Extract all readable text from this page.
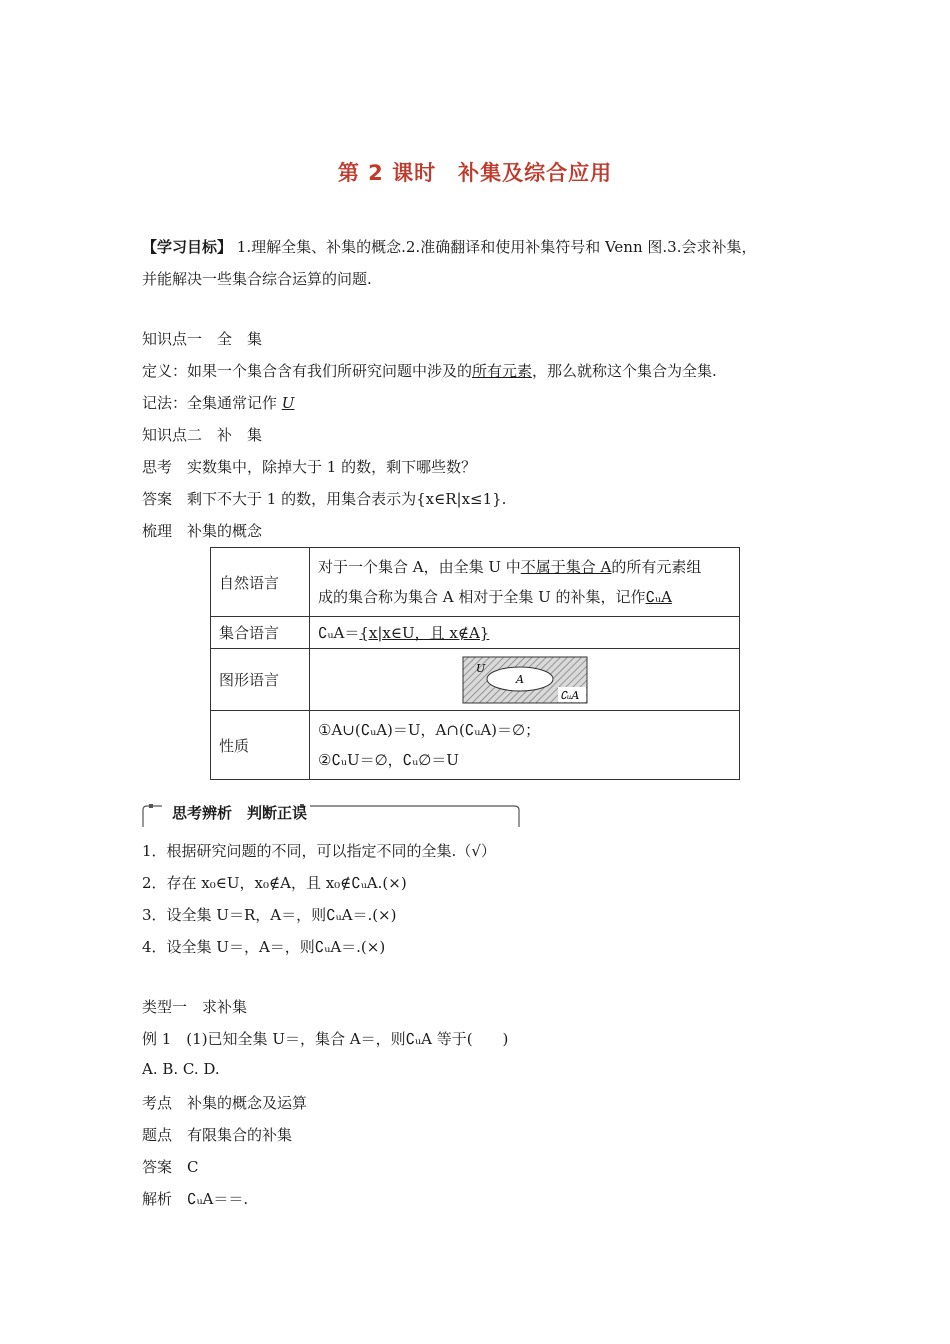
第 2 课时　补集及综合应用
【学习目标】 1.理解全集、补集的概念.2.准确翻译和使用补集符号和 Venn 图.3.会求补集，
并能解决一些集合综合运算的问题.
知识点一　全　集
定义：如果一个集合含有我们所研究问题中涉及的所有元素，那么就称这个集合为全集.
记法：全集通常记作 U
知识点二　补　集
思考　 实数集中，除掉大于 1 的数，剩下哪些数？
答案　 剩下不大于 1 的数，用集合表示为{x∈R|x≤1}.
梳理　 补集的概念
自然语言	对于一个集合 A，由全集 U 中不属于集合 A的所有元素组
成的集合称为集合 A 相对于全集 U 的补集，记作∁ᵤA
集合语言	∁ᵤA＝{x|x∈U，且 x∉A}
图形语言	U
A
∁ᵤA

性质	①A∪(∁ᵤA)＝U，A∩(∁ᵤA)＝∅；
②∁ᵤU＝∅，∁ᵤ∅＝U
思考辨析　判断正误
1．根据研究问题的不同，可以指定不同的全集.（√）
2．存在 x₀∈U，x₀∉A，且 x₀∉∁ᵤA.(×)
3．设全集 U＝R，A＝，则∁ᵤA＝.(×)
4．设全集 U＝，A＝，则∁ᵤA＝.(×)
类型一　求补集
例 1　(1)已知全集 U＝，集合 A＝，则∁ᵤA 等于(　　)
A. B. C. D.
考点　 补集的概念及运算
题点　 有限集合的补集
答案　 C
解析　 ∁ᵤA＝＝.
